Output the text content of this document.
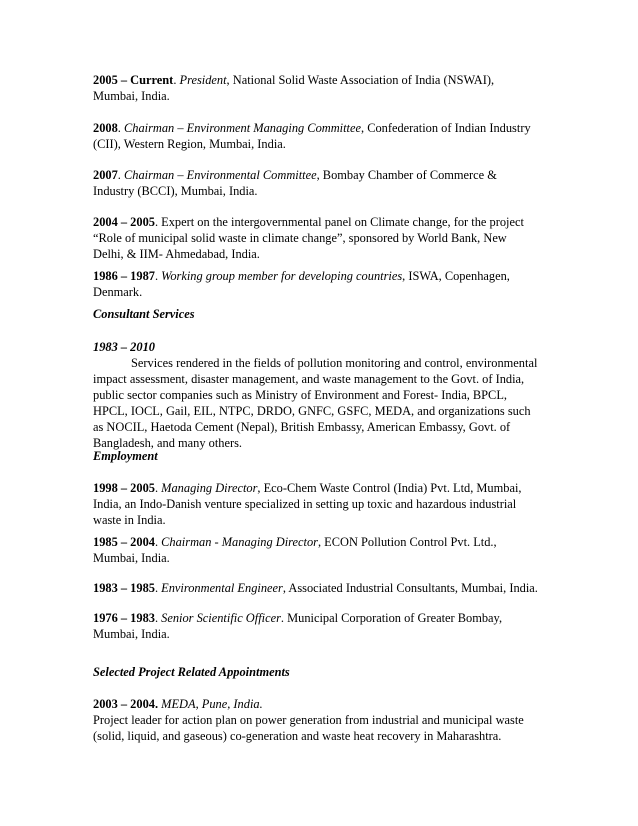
2005 – Current. President, National Solid Waste Association of India (NSWAI),
Mumbai, India.
2008. Chairman – Environment Managing Committee, Confederation of Indian Industry
(CII), Western Region, Mumbai, India.
2007. Chairman – Environmental Committee, Bombay Chamber of Commerce &
Industry (BCCI), Mumbai, India.
2004 – 2005. Expert on the intergovernmental panel on Climate change, for the project
“Role of municipal solid waste in climate change”, sponsored by World Bank, New
Delhi, & IIM- Ahmedabad, India.
1986 – 1987. Working group member for developing countries, ISWA, Copenhagen,
Denmark.
Consultant Services
1983 – 2010
Services rendered in the fields of pollution monitoring and control, environmental
impact assessment, disaster management, and waste management to the Govt. of India,
public sector companies such as Ministry of Environment and Forest- India, BPCL,
HPCL, IOCL, Gail, EIL, NTPC, DRDO, GNFC, GSFC, MEDA, and organizations such
as NOCIL, Haetoda Cement (Nepal), British Embassy, American Embassy, Govt. of
Bangladesh, and many others.
Employment
1998 – 2005. Managing Director, Eco-Chem Waste Control (India) Pvt. Ltd, Mumbai,
India, an Indo-Danish venture specialized in setting up toxic and hazardous industrial
waste in India.
1985 – 2004. Chairman - Managing Director, ECON Pollution Control Pvt. Ltd.,
Mumbai, India.
1983 – 1985. Environmental Engineer, Associated Industrial Consultants, Mumbai, India.
1976 – 1983. Senior Scientific Officer. Municipal Corporation of Greater Bombay,
Mumbai, India.
Selected Project Related Appointments
2003 – 2004. MEDA, Pune, India.
Project leader for action plan on power generation from industrial and municipal waste
(solid, liquid, and gaseous) co-generation and waste heat recovery in Maharashtra.
